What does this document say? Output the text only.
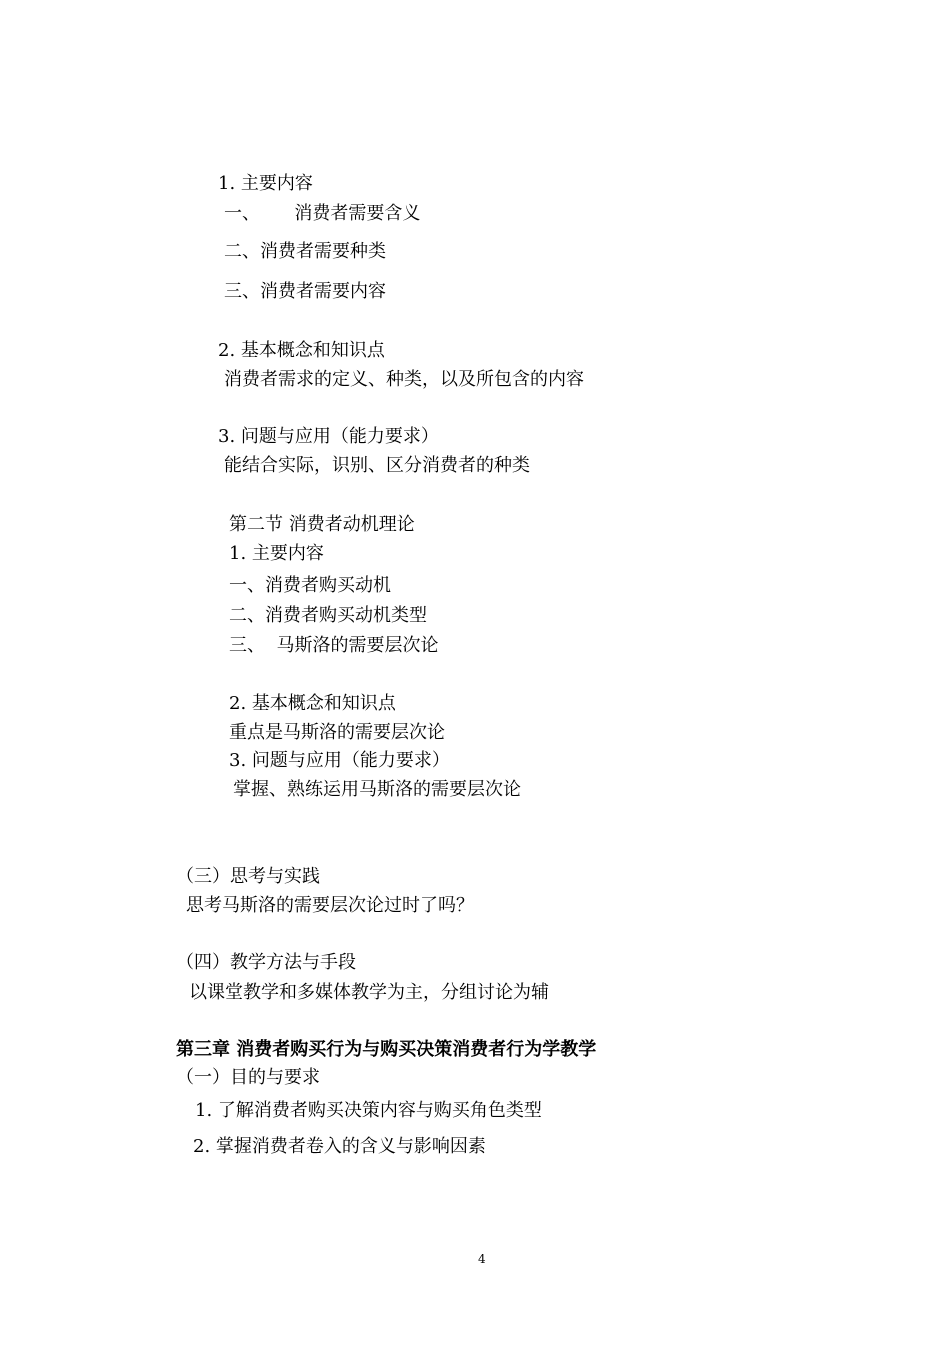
1. 主要内容
一、      消费者需要含义
二、消费者需要种类
三、消费者需要内容
2. 基本概念和知识点
消费者需求的定义、种类，以及所包含的内容
3. 问题与应用（能力要求）
能结合实际，识别、区分消费者的种类
第二节 消费者动机理论
1. 主要内容
一、消费者购买动机
二、消费者购买动机类型
三、  马斯洛的需要层次论
2. 基本概念和知识点
重点是马斯洛的需要层次论
3. 问题与应用（能力要求）
掌握、熟练运用马斯洛的需要层次论
（三）思考与实践
思考马斯洛的需要层次论过时了吗？
（四）教学方法与手段
以课堂教学和多媒体教学为主，分组讨论为辅
第三章 消费者购买行为与购买决策消费者行为学教学
（一）目的与要求
1. 了解消费者购买决策内容与购买角色类型
2. 掌握消费者卷入的含义与影响因素
4
